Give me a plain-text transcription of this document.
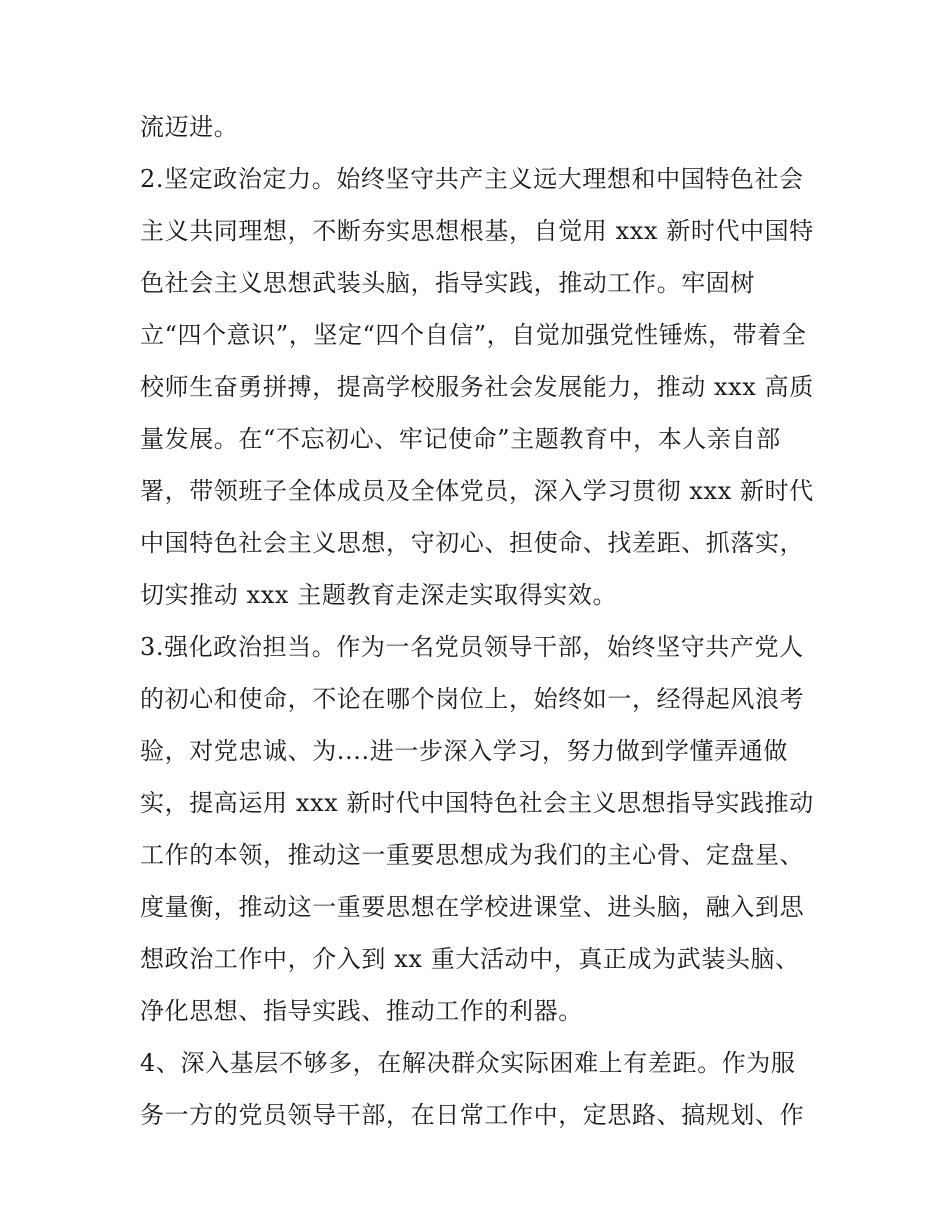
流迈进。
2.坚定政治定力。始终坚守共产主义远大理想和中国特色社会
主义共同理想，不断夯实思想根基，自觉用 xxx 新时代中国特
色社会主义思想武装头脑，指导实践，推动工作。牢固树
立“四个意识”，坚定“四个自信”，自觉加强党性锤炼，带着全
校师生奋勇拼搏，提高学校服务社会发展能力，推动 xxx 高质
量发展。在“不忘初心、牢记使命”主题教育中，本人亲自部
署，带领班子全体成员及全体党员，深入学习贯彻 xxx 新时代
中国特色社会主义思想，守初心、担使命、找差距、抓落实，
切实推动 xxx 主题教育走深走实取得实效。
3.强化政治担当。作为一名党员领导干部，始终坚守共产党人
的初心和使命，不论在哪个岗位上，始终如一，经得起风浪考
验，对党忠诚、为....进一步深入学习，努力做到学懂弄通做
实，提高运用 xxx 新时代中国特色社会主义思想指导实践推动
工作的本领，推动这一重要思想成为我们的主心骨、定盘星、
度量衡，推动这一重要思想在学校进课堂、进头脑，融入到思
想政治工作中，介入到 xx 重大活动中，真正成为武装头脑、
净化思想、指导实践、推动工作的利器。
4、深入基层不够多，在解决群众实际困难上有差距。作为服
务一方的党员领导干部，在日常工作中，定思路、搞规划、作
